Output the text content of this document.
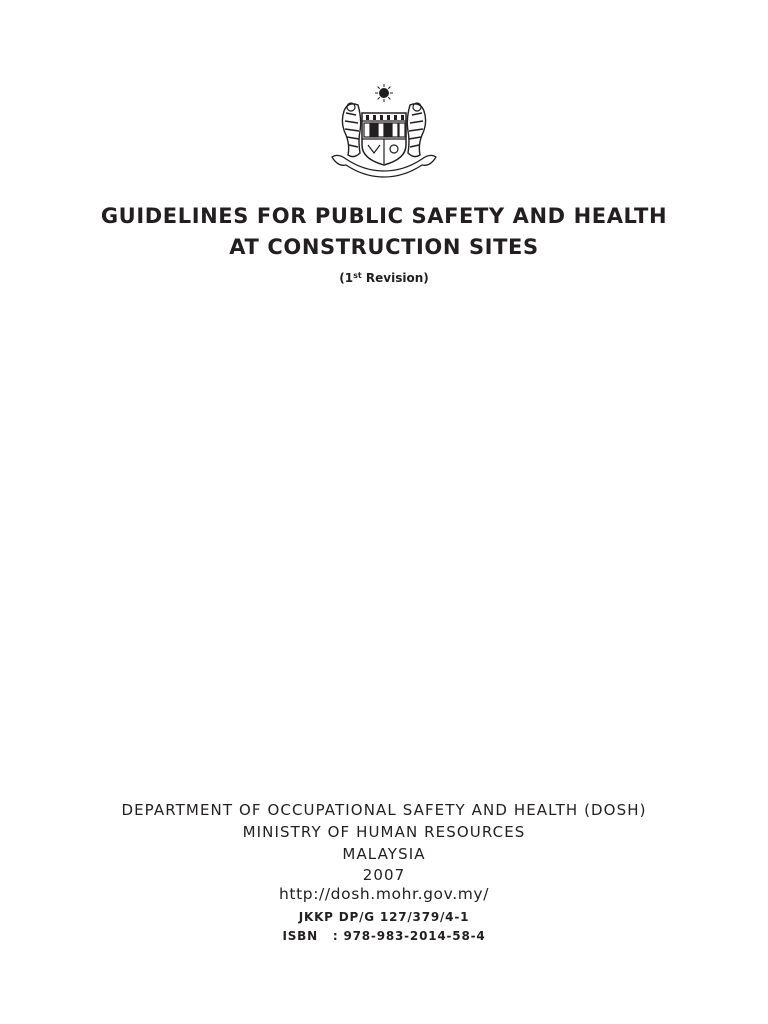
GUIDELINES FOR PUBLIC SAFETY AND HEALTH
AT CONSTRUCTION SITES
(1st Revision)
DEPARTMENT OF OCCUPATIONAL SAFETY AND HEALTH (DOSH)
MINISTRY OF HUMAN RESOURCES
MALAYSIA
2007
http://dosh.mohr.gov.my/
JKKP DP/G 127/379/4-1
ISBN   : 978-983-2014-58-4
